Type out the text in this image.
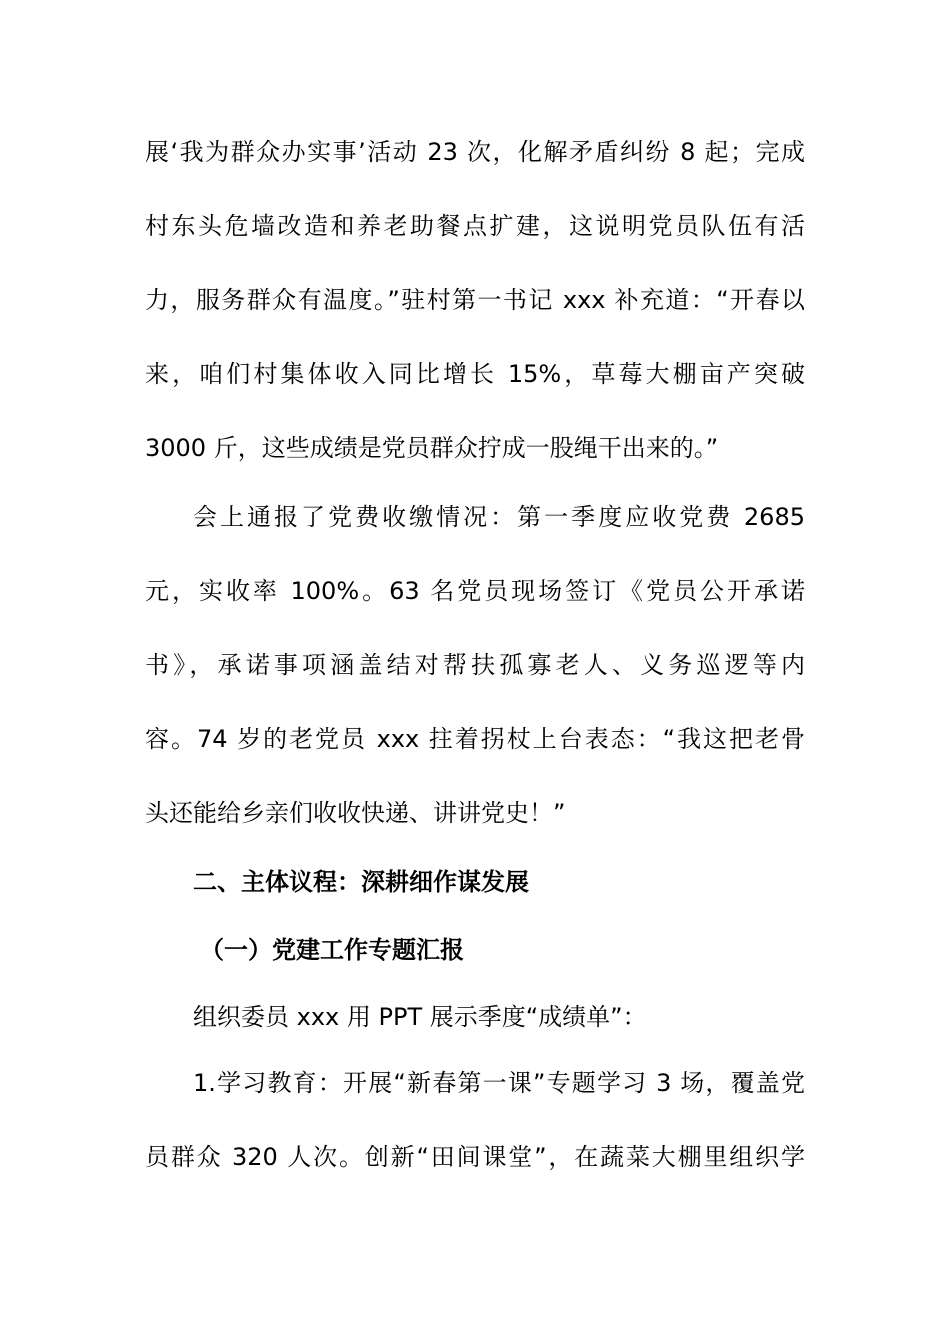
展‘我为群众办实事’活动 23 次，化解矛盾纠纷 8 起；完成
村东头危墙改造和养老助餐点扩建，这说明党员队伍有活
力，服务群众有温度。”驻村第一书记 xxx 补充道：“开春以
来，咱们村集体收入同比增长 15%，草莓大棚亩产突破
3000 斤，这些成绩是党员群众拧成一股绳干出来的。”
会上通报了党费收缴情况：第一季度应收党费 2685
元，实收率 100%。63 名党员现场签订《党员公开承诺
书》，承诺事项涵盖结对帮扶孤寡老人、义务巡逻等内
容。74 岁的老党员 xxx 拄着拐杖上台表态：“我这把老骨
头还能给乡亲们收收快递、讲讲党史！”
二、主体议程：深耕细作谋发展
（一）党建工作专题汇报
组织委员 xxx 用 PPT 展示季度“成绩单”：
1.学习教育：开展“新春第一课”专题学习 3 场，覆盖党
员群众 320 人次。创新“田间课堂”，在蔬菜大棚里组织学
